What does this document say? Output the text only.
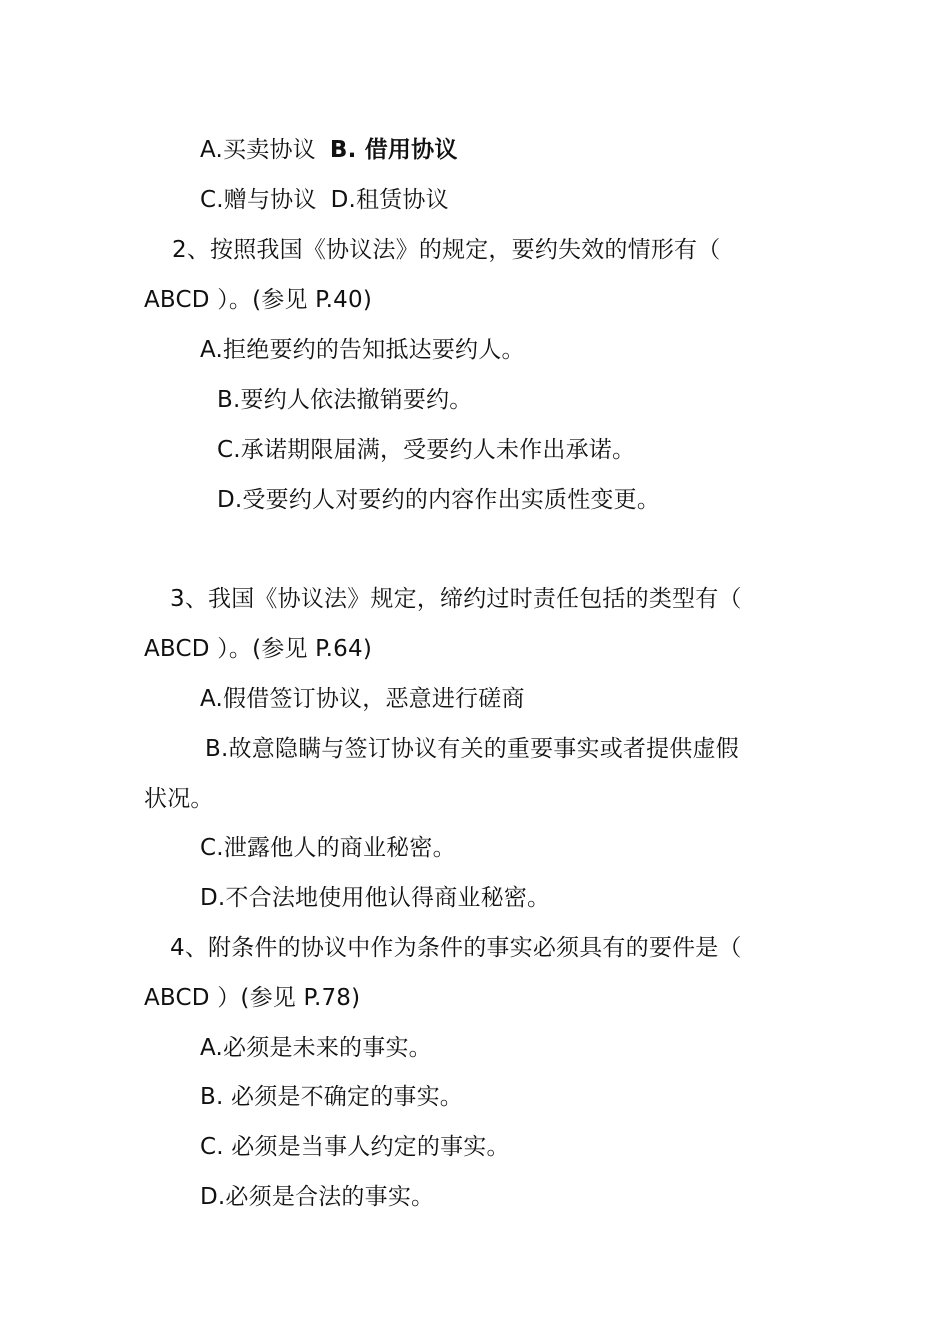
A.买卖协议 B. 借用协议
C.赠与协议 D.租赁协议
2、按照我国《协议法》的规定，要约失效的情形有（
ABCD ）。(参见 P.40)
A.拒绝要约的告知抵达要约人。
B.要约人依法撤销要约。
C.承诺期限届满，受要约人未作出承诺。
D.受要约人对要约的内容作出实质性变更。
3、我国《协议法》规定，缔约过时责任包括的类型有（
ABCD ）。(参见 P.64)
A.假借签订协议，恶意进行磋商
B.故意隐瞒与签订协议有关的重要事实或者提供虚假
状况。
C.泄露他人的商业秘密。
D.不合法地使用他认得商业秘密。
4、附条件的协议中作为条件的事实必须具有的要件是（
ABCD ）(参见 P.78)
A.必须是未来的事实。
B. 必须是不确定的事实。
C. 必须是当事人约定的事实。
D.必须是合法的事实。
